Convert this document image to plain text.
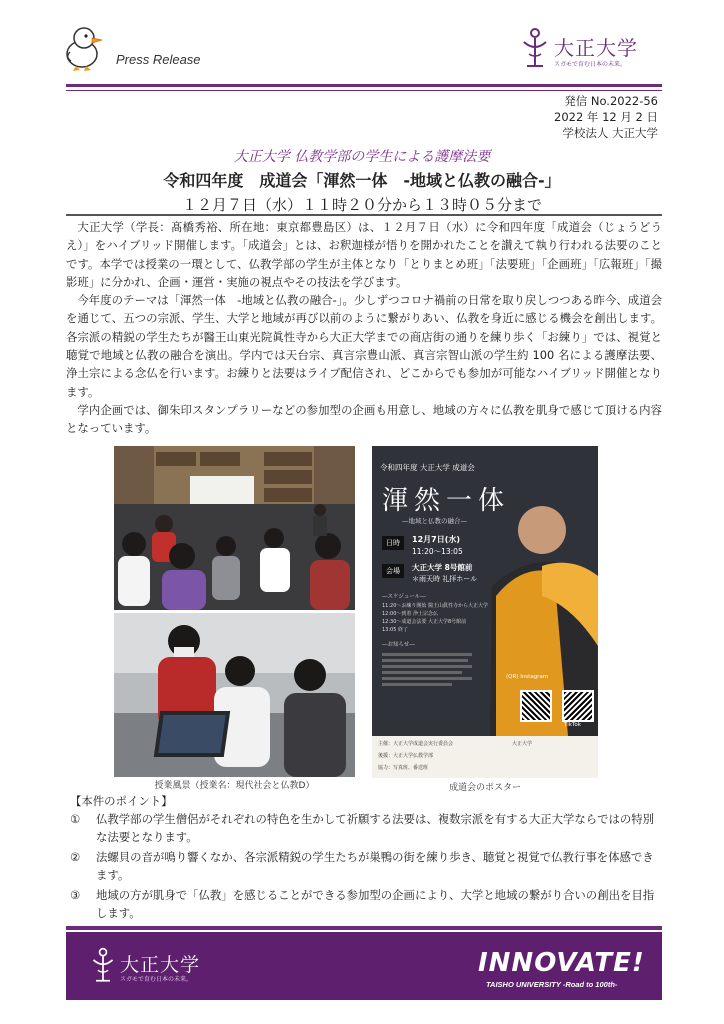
Press Release	大正大学
スガモで育む日本の未来。
発信 No.2022-56
2022 年 12 月 2 日
学校法人 大正大学
大正大学 仏教学部の学生による護摩法要
令和四年度　成道会「渾然一体　-地域と仏教の融合-」
１２月７日（水）１１時２０分から１３時０５分まで

大正大学（学長：髙橋秀裕、所在地：東京都豊島区）は、１２月７日（水）に令和四年度「成道会（じょうどうえ）」をハイブリッド開催します。「成道会」とは、お釈迦様が悟りを開かれたことを讃えて執り行われる法要のことです。本学では授業の一環として、仏教学部の学生が主体となり「とりまとめ班」「法要班」「企画班」「広報班」「撮影班」に分かれ、企画・運営・実施の視点やその技法を学びます。

今年度のテーマは「渾然一体　-地域と仏教の融合-」。少しずつコロナ禍前の日常を取り戻しつつある昨今、成道会を通じて、五つの宗派、学生、大学と地域が再び以前のように繋がりあい、仏教を身近に感じる機会を創出します。各宗派の精鋭の学生たちが醫王山東光院眞性寺から大正大学までの商店街の通りを練り歩く「お練り」では、視覚と聴覚で地域と仏教の融合を演出。学内では天台宗、真言宗豊山派、真言宗智山派の学生約 100 名による護摩法要、浄土宗による念仏を行います。お練りと法要はライブ配信され、どこからでも参加が可能なハイブリッド開催となります。

学内企画では、御朱印スタンプラリーなどの参加型の企画も用意し、地域の方々に仏教を肌身で感じて頂ける内容となっています。

授業風景（授業名：現代社会と仏教D）
令和四年度 大正大学 成道会
渾然一体
—地域と仏教の融合—
日時	12月7日(水)
11:20～13:05
会場	大正大学 8号館前
＊雨天時 礼拝ホール
―スケジュール―
11:20～お練り開始 醫王山眞性寺から大正大学
12:00～到着 浄土宗念仏
12:30～成道会法要 大正大学8号館前
13:05 終了
―お知らせ―
(QR) Instagram
TikTok
主催：大正大学成道会実行委員会
後援：大正大学仏教学部
協力：写真班、番送班
大正大学
成道会のポスター
【本件のポイント】
① 仏教学部の学生僧侶がそれぞれの特色を生かして祈願する法要は、複数宗派を有する大正大学ならではの特別な法要となります。
② 法螺貝の音が鳴り響くなか、各宗派精鋭の学生たちが巣鴨の街を練り歩き、聴覚と視覚で仏教行事を体感できます。
③ 地域の方が肌身で「仏教」を感じることができる参加型の企画により、大学と地域の繋がり合いの創出を目指します。
大正大学
スガモで育む日本の未来。
INNOVATE!
TAISHO UNIVERSITY -Road to 100th-
